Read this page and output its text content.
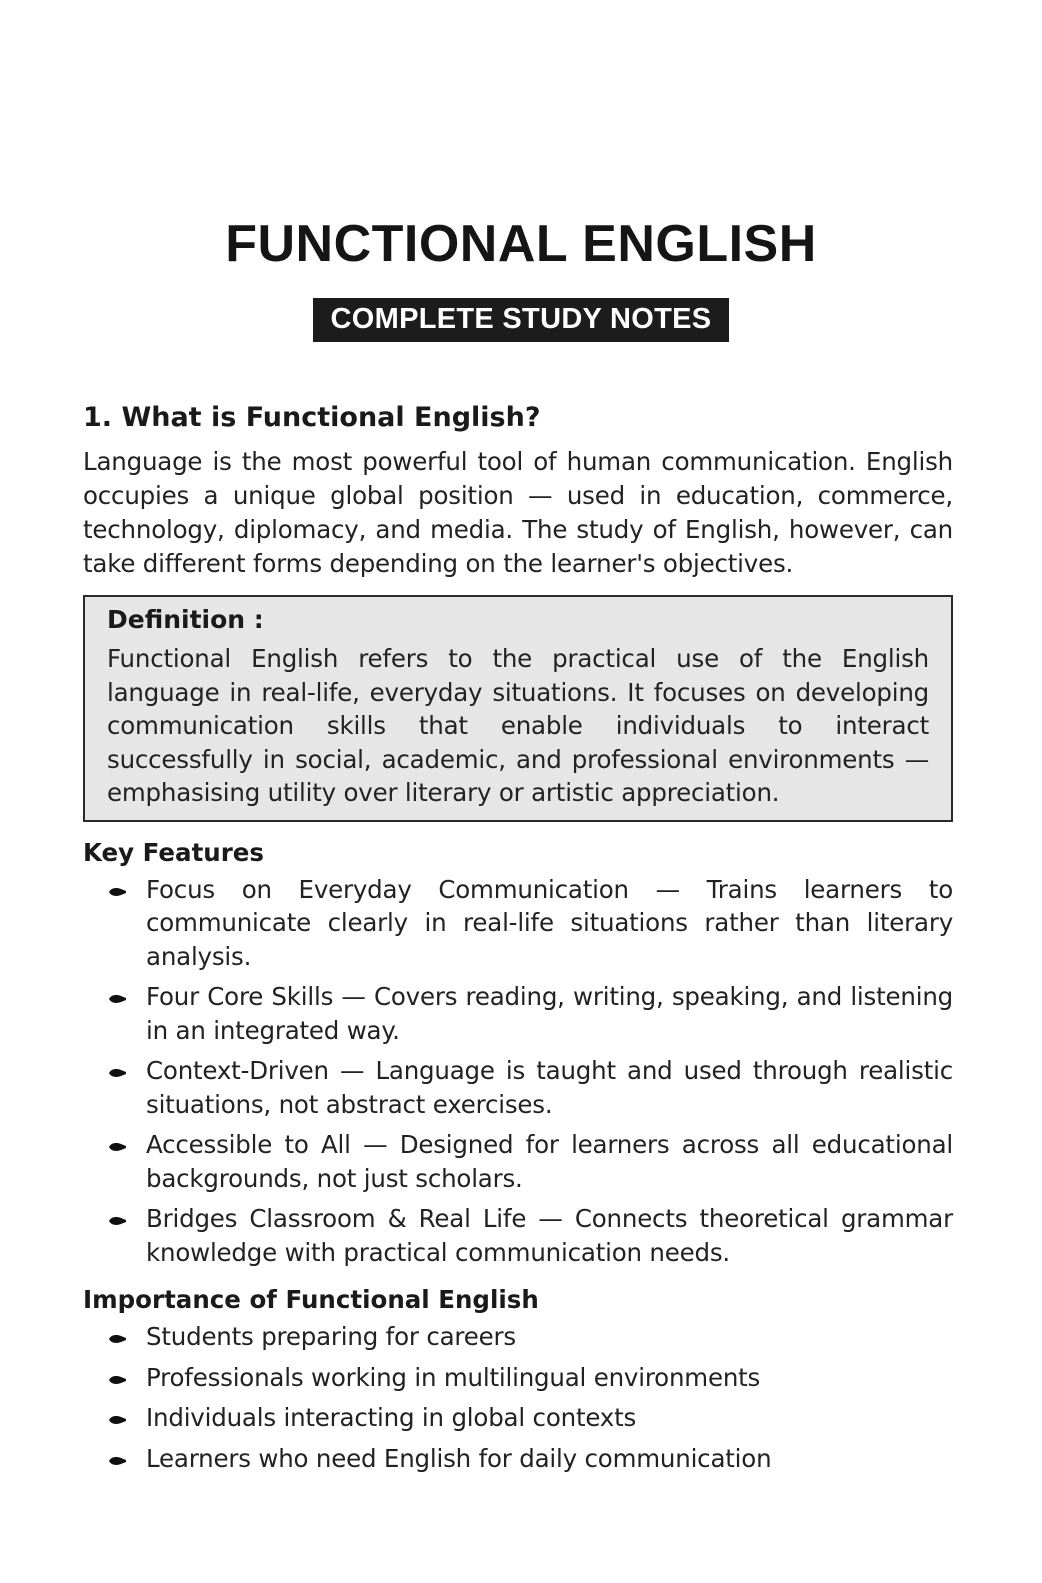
FUNCTIONAL ENGLISH
COMPLETE STUDY NOTES
1. What is Functional English?

Language is the most powerful tool of human communication. English occupies a unique global position — used in education, commerce, technology, diplomacy, and media. The study of English, however, can take different forms depending on the learner's objectives.

Definition :

Functional English refers to the practical use of the English language in real-life, everyday situations. It focuses on developing communication skills that enable individuals to interact successfully in social, academic, and professional environments — emphasising utility over literary or artistic appreciation.

Key Features
Focus on Everyday Communication — Trains learners to communicate clearly in real-life situations rather than literary analysis.
Four Core Skills — Covers reading, writing, speaking, and listening in an integrated way.
Context-Driven — Language is taught and used through realistic situations, not abstract exercises.
Accessible to All — Designed for learners across all educational backgrounds, not just scholars.
Bridges Classroom & Real Life — Connects theoretical grammar knowledge with practical communication needs.
Importance of Functional English
Students preparing for careers
Professionals working in multilingual environments
Individuals interacting in global contexts
Learners who need English for daily communication
